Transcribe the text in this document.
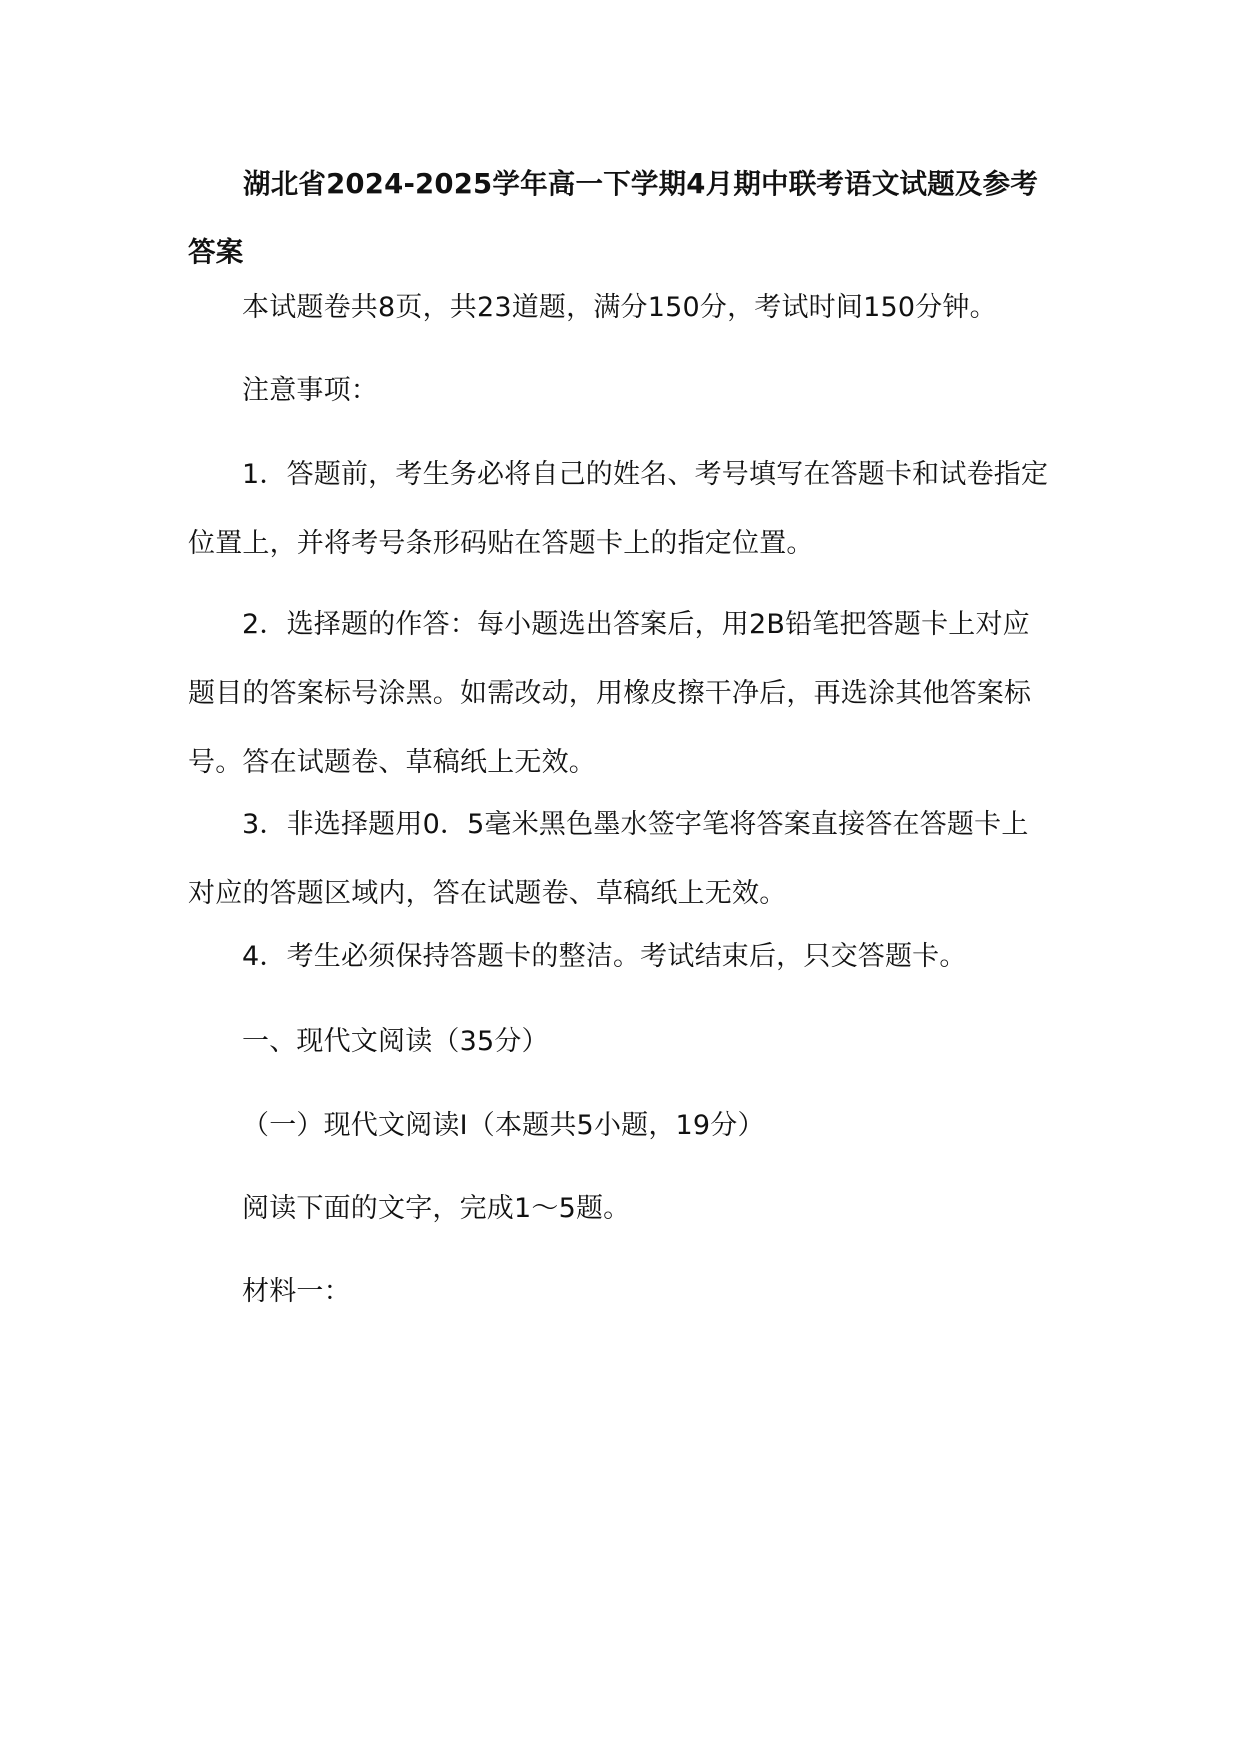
湖北省2024-2025学年高一下学期4月期中联考语文试题及参考答案

本试题卷共8页，共23道题，满分150分，考试时间150分钟。

注意事项：

1．答题前，考生务必将自己的姓名、考号填写在答题卡和试卷指定位置上，并将考号条形码贴在答题卡上的指定位置。

2．选择题的作答：每小题选出答案后，用2B铅笔把答题卡上对应题目的答案标号涂黑。如需改动，用橡皮擦干净后，再选涂其他答案标号。答在试题卷、草稿纸上无效。

3．非选择题用0．5毫米黑色墨水签字笔将答案直接答在答题卡上对应的答题区域内，答在试题卷、草稿纸上无效。

4．考生必须保持答题卡的整洁。考试结束后，只交答题卡。

一、现代文阅读（35分）

（一）现代文阅读Ⅰ（本题共5小题，19分）

阅读下面的文字，完成1～5题。

材料一：
